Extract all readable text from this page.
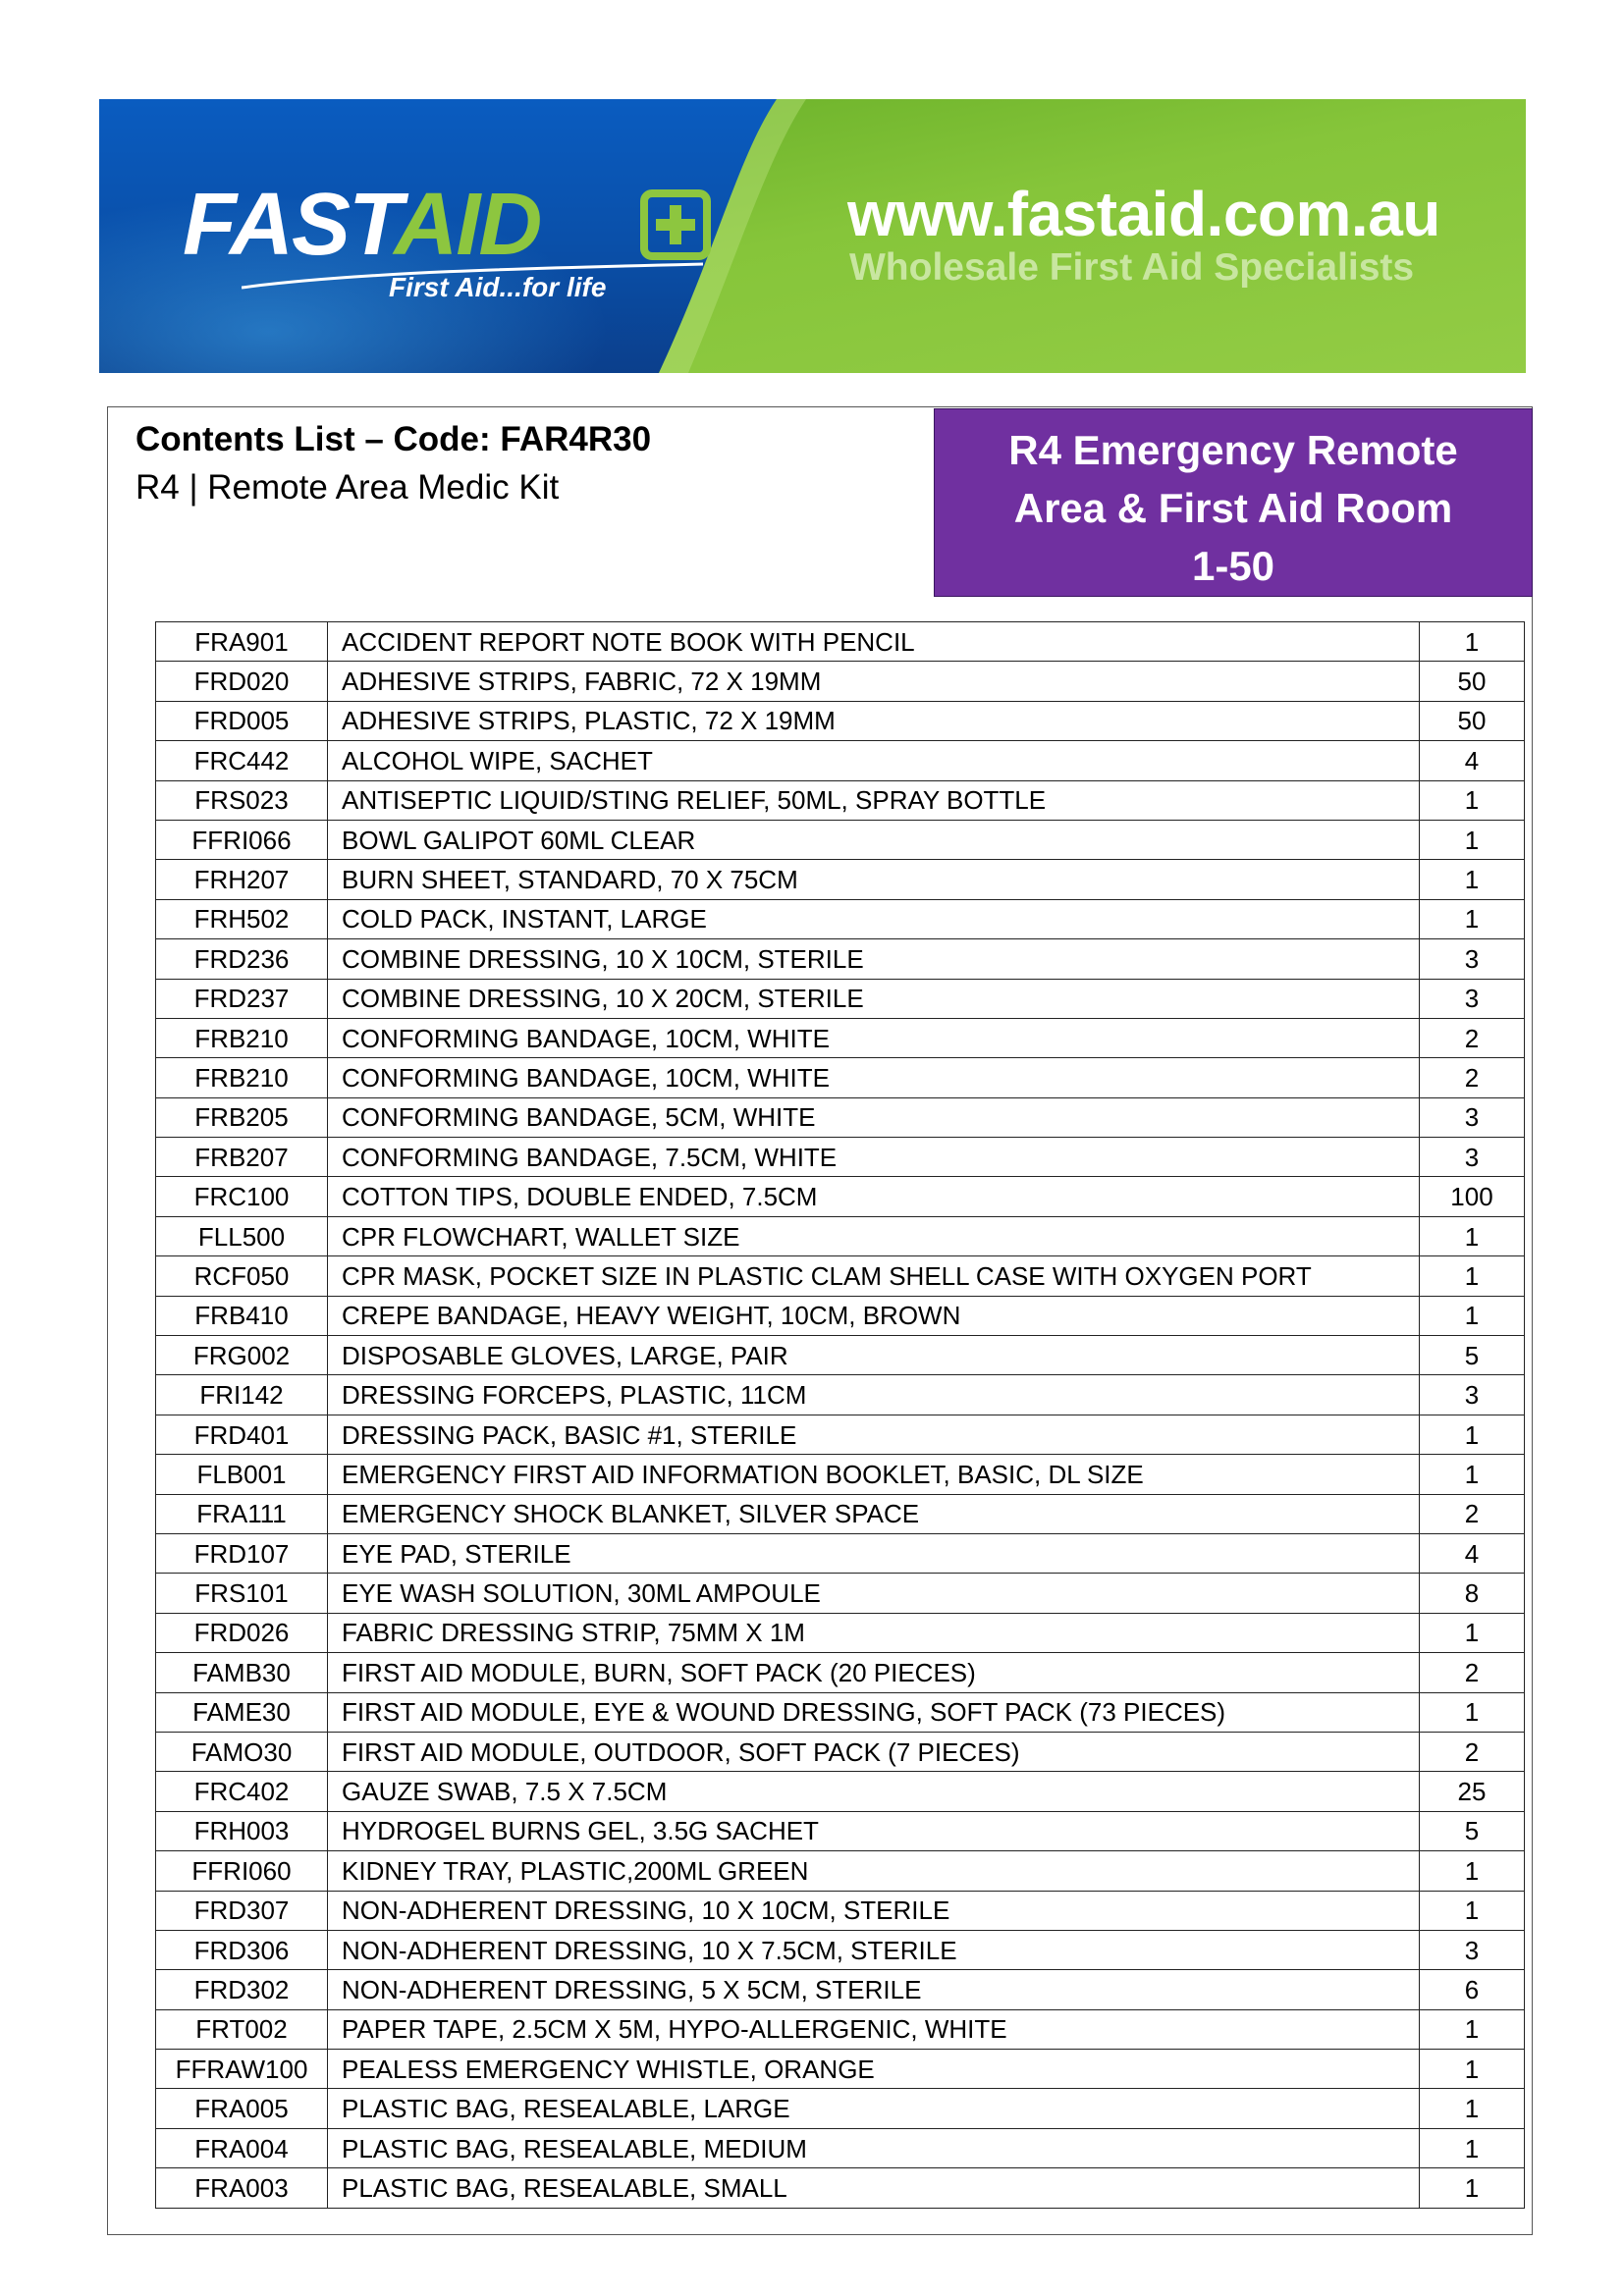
FASTAID
First Aid...for life
www.fastaid.com.au
Wholesale First Aid Specialists
Contents List – Code: FAR4R30
R4 | Remote Area Medic Kit
R4 Emergency Remote
Area & First Aid Room
1-50
FRA901	ACCIDENT REPORT NOTE BOOK WITH PENCIL	1
FRD020	ADHESIVE STRIPS, FABRIC, 72 X 19MM	50
FRD005	ADHESIVE STRIPS, PLASTIC, 72 X 19MM	50
FRC442	ALCOHOL WIPE, SACHET	4
FRS023	ANTISEPTIC LIQUID/STING RELIEF, 50ML, SPRAY BOTTLE	1
FFRI066	BOWL GALIPOT 60ML CLEAR	1
FRH207	BURN SHEET, STANDARD, 70 X 75CM	1
FRH502	COLD PACK, INSTANT, LARGE	1
FRD236	COMBINE DRESSING, 10 X 10CM, STERILE	3
FRD237	COMBINE DRESSING, 10 X 20CM, STERILE	3
FRB210	CONFORMING BANDAGE, 10CM, WHITE	2
FRB210	CONFORMING BANDAGE, 10CM, WHITE	2
FRB205	CONFORMING BANDAGE, 5CM, WHITE	3
FRB207	CONFORMING BANDAGE, 7.5CM, WHITE	3
FRC100	COTTON TIPS, DOUBLE ENDED, 7.5CM	100
FLL500	CPR FLOWCHART, WALLET SIZE	1
RCF050	CPR MASK, POCKET SIZE IN PLASTIC CLAM SHELL CASE WITH OXYGEN PORT	1
FRB410	CREPE BANDAGE, HEAVY WEIGHT, 10CM, BROWN	1
FRG002	DISPOSABLE GLOVES, LARGE, PAIR	5
FRI142	DRESSING FORCEPS, PLASTIC, 11CM	3
FRD401	DRESSING PACK, BASIC #1, STERILE	1
FLB001	EMERGENCY FIRST AID INFORMATION BOOKLET, BASIC, DL SIZE	1
FRA111	EMERGENCY SHOCK BLANKET, SILVER SPACE	2
FRD107	EYE PAD, STERILE	4
FRS101	EYE WASH SOLUTION, 30ML AMPOULE	8
FRD026	FABRIC DRESSING STRIP, 75MM X 1M	1
FAMB30	FIRST AID MODULE, BURN, SOFT PACK (20 PIECES)	2
FAME30	FIRST AID MODULE, EYE & WOUND DRESSING, SOFT PACK (73 PIECES)	1
FAMO30	FIRST AID MODULE, OUTDOOR, SOFT PACK (7 PIECES)	2
FRC402	GAUZE SWAB, 7.5 X 7.5CM	25
FRH003	HYDROGEL BURNS GEL, 3.5G SACHET	5
FFRI060	KIDNEY TRAY, PLASTIC,200ML GREEN	1
FRD307	NON-ADHERENT DRESSING, 10 X 10CM, STERILE	1
FRD306	NON-ADHERENT DRESSING, 10 X 7.5CM, STERILE	3
FRD302	NON-ADHERENT DRESSING, 5 X 5CM, STERILE	6
FRT002	PAPER TAPE, 2.5CM X 5M, HYPO-ALLERGENIC, WHITE	1
FFRAW100	PEALESS EMERGENCY WHISTLE, ORANGE	1
FRA005	PLASTIC BAG, RESEALABLE, LARGE	1
FRA004	PLASTIC BAG, RESEALABLE, MEDIUM	1
FRA003	PLASTIC BAG, RESEALABLE, SMALL	1
